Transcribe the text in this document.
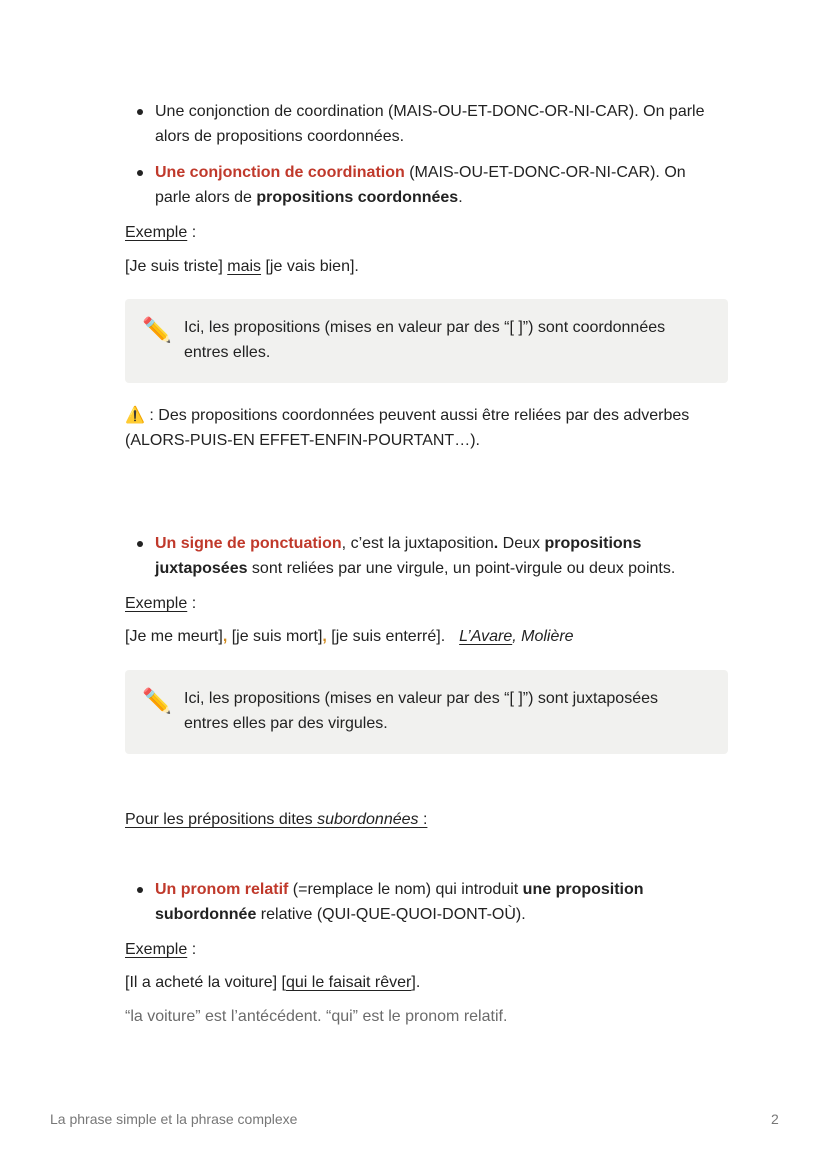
Une conjonction de coordination (MAIS-OU-ET-DONC-OR-NI-CAR). On parle alors de propositions coordonnées.
Une conjonction de coordination (MAIS-OU-ET-DONC-OR-NI-CAR). On parle alors de propositions coordonnées.
Exemple :
[Je suis triste] mais [je vais bien].
✏️ Ici, les propositions (mises en valeur par des “[ ]”) sont coordonnées entres elles.
⚠️ : Des propositions coordonnées peuvent aussi être reliées par des adverbes (ALORS-PUIS-EN EFFET-ENFIN-POURTANT…).
Un signe de ponctuation, c’est la juxtaposition. Deux propositions juxtaposées sont reliées par une virgule, un point-virgule ou deux points.
Exemple :
[Je me meurt], [je suis mort], [je suis enterré]. L’Avare, Molière
✏️ Ici, les propositions (mises en valeur par des “[ ]”) sont juxtaposées entres elles par des virgules.
Pour les prépositions dites subordonnées :
Un pronom relatif (=remplace le nom) qui introduit une proposition subordonnée relative (QUI-QUE-QUOI-DONT-OÙ).
Exemple :
[Il a acheté la voiture] [qui le faisait rêver].
“la voiture” est l’antécédent. “qui” est le pronom relatif.
La phrase simple et la phrase complexe	2
